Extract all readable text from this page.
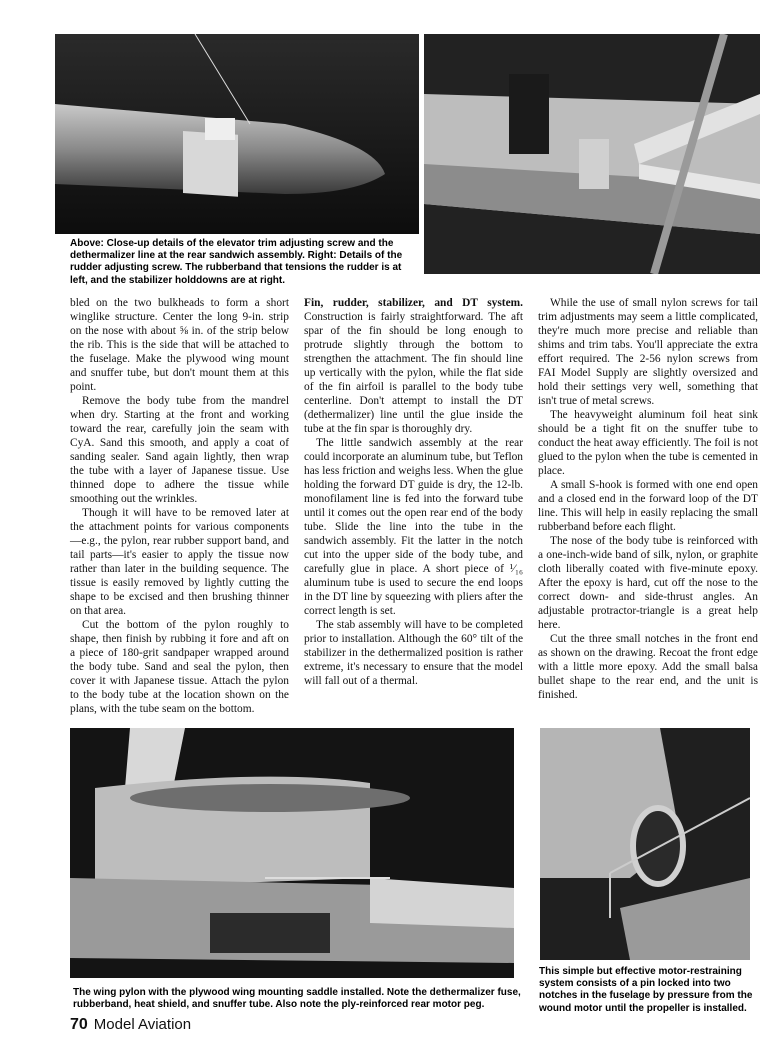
Above: Close-up details of the elevator trim adjusting screw and the dethermalizer line at the rear sandwich assembly. Right: Details of the rudder adjusting screw. The rubberband that tensions the rudder is at left, and the stabilizer holddowns are at right.

bled on the two bulkheads to form a short winglike structure. Center the long 9-in. strip on the nose with about ⅝ in. of the strip below the rib. This is the side that will be attached to the fuselage. Make the plywood wing mount and snuffer tube, but don't mount them at this point.

Remove the body tube from the mandrel when dry. Starting at the front and working toward the rear, carefully join the seam with CyA. Sand this smooth, and apply a coat of sanding sealer. Sand again lightly, then wrap the tube with a layer of Japanese tissue. Use thinned dope to adhere the tissue while smoothing out the wrinkles.

Though it will have to be removed later at the attachment points for various components—e.g., the pylon, rear rubber support band, and tail parts—it's easier to apply the tissue now rather than later in the building sequence. The tissue is easily removed by lightly cutting the shape to be excised and then brushing thinner on that area.

Cut the bottom of the pylon roughly to shape, then finish by rubbing it fore and aft on a piece of 180-grit sandpaper wrapped around the body tube. Sand and seal the pylon, then cover it with Japanese tissue. Attach the pylon to the body tube at the location shown on the plans, with the tube seam on the bottom.

Fin, rudder, stabilizer, and DT system. Construction is fairly straightforward. The aft spar of the fin should be long enough to protrude slightly through the bottom to strengthen the attachment. The fin should line up vertically with the pylon, while the flat side of the fin airfoil is parallel to the body tube centerline. Don't attempt to install the DT (dethermalizer) line until the glue inside the tube at the fin spar is thoroughly dry.

The little sandwich assembly at the rear could incorporate an aluminum tube, but Teflon has less friction and weighs less. When the glue holding the forward DT guide is dry, the 12-lb. monofilament line is fed into the forward tube until it comes out the open rear end of the body tube. Slide the line into the tube in the sandwich assembly. Fit the latter in the notch cut into the upper side of the body tube, and carefully glue in place. A short piece of ¹⁄₁₆ aluminum tube is used to secure the end loops in the DT line by squeezing with pliers after the correct length is set.

The stab assembly will have to be completed prior to installation. Although the 60° tilt of the stabilizer in the dethermalized position is rather extreme, it's necessary to ensure that the model will fall out of a thermal.

While the use of small nylon screws for tail trim adjustments may seem a little complicated, they're much more precise and reliable than shims and trim tabs. You'll appreciate the extra effort required. The 2-56 nylon screws from FAI Model Supply are slightly oversized and hold their settings very well, something that isn't true of metal screws.

The heavyweight aluminum foil heat sink should be a tight fit on the snuffer tube to conduct the heat away efficiently. The foil is not glued to the pylon when the tube is cemented in place.

A small S-hook is formed with one end open and a closed end in the forward loop of the DT line. This will help in easily replacing the small rubberband before each flight.

The nose of the body tube is reinforced with a one-inch-wide band of silk, nylon, or graphite cloth liberally coated with five-minute epoxy. After the epoxy is hard, cut off the nose to the correct down- and side-thrust angles. An adjustable protractor-triangle is a great help here.

Cut the three small notches in the front end as shown on the drawing. Recoat the front edge with a little more epoxy. Add the small balsa bullet shape to the rear end, and the unit is finished.

The wing pylon with the plywood wing mounting saddle installed. Note the dethermalizer fuse, rubberband, heat shield, and snuffer tube. Also note the ply-reinforced rear motor peg.

This simple but effective motor-restraining system consists of a pin locked into two notches in the fuselage by pressure from the wound motor until the propeller is installed.

70 Model Aviation
